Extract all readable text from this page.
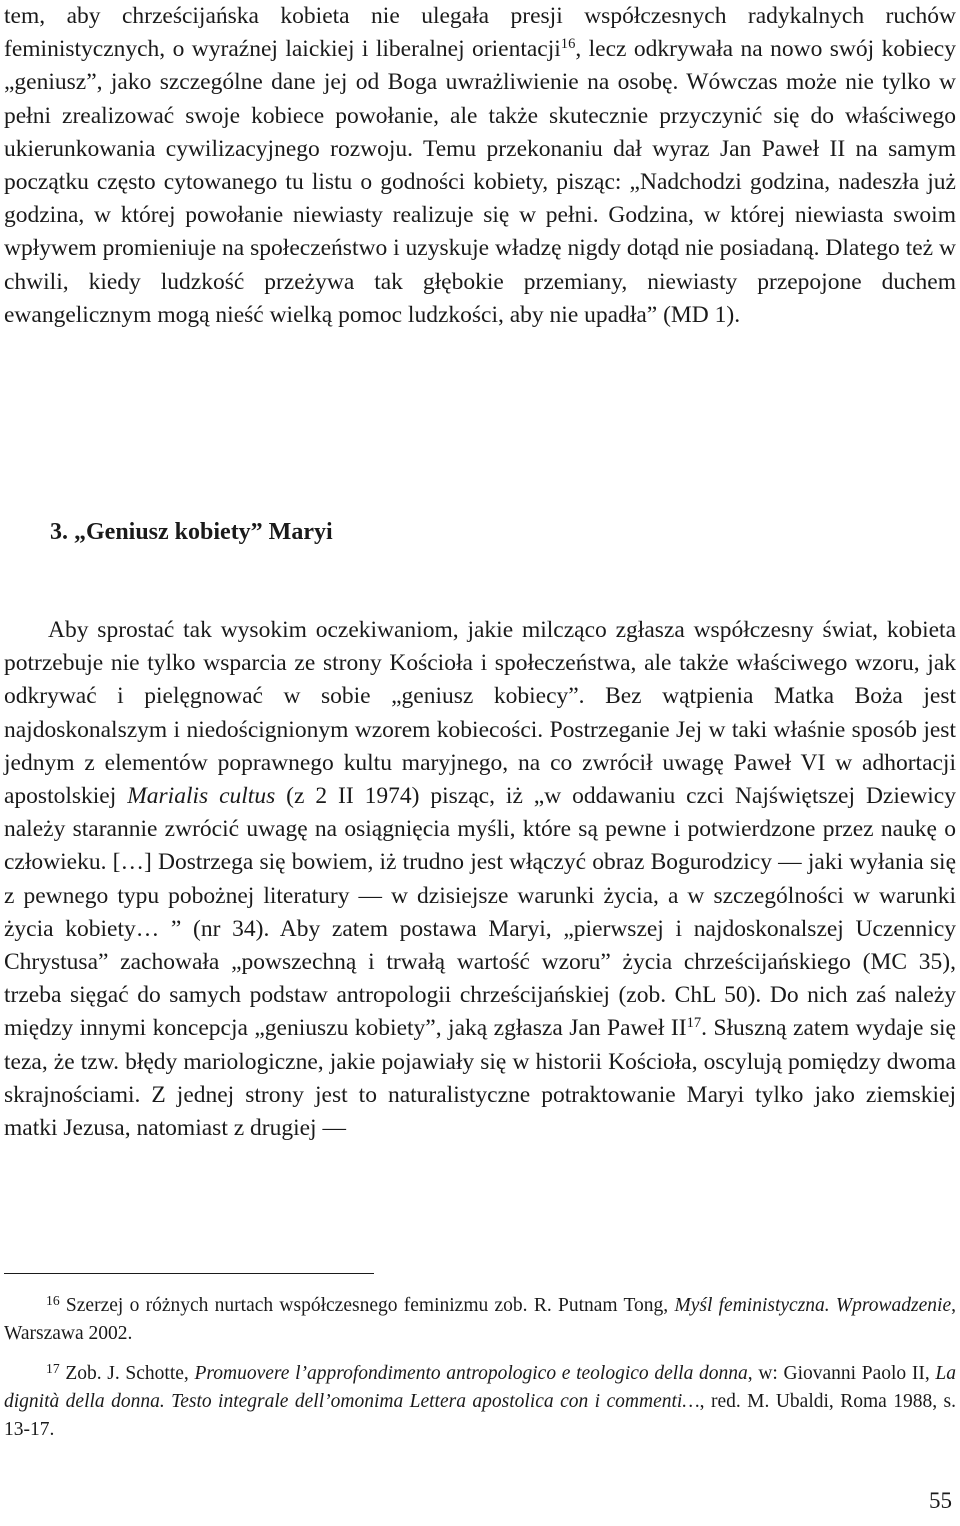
tem, aby chrześcijańska kobieta nie ulegała presji współczesnych radykalnych ruchów feministycznych, o wyraźnej laickiej i liberalnej orientacji$^{16}$, lecz odkrywała na nowo swój kobiecy „geniusz”, jako szczególne dane jej od Boga uwrażliwienie na osobę. Wówczas może nie tylko w pełni zrealizować swoje kobiece powołanie, ale także skutecznie przyczynić się do właściwego ukierunkowania cywilizacyjnego rozwoju. Temu przekonaniu dał wyraz Jan Paweł II na samym początku często cytowanego tu listu o godności kobiety, pisząc: „Nadchodzi godzina, nadeszła już godzina, w której powołanie niewiasty realizuje się w pełni. Godzina, w której niewiasta swoim wpływem promieniuje na społeczeństwo i uzyskuje władzę nigdy dotąd nie posiadaną. Dlatego też w chwili, kiedy ludzkość przeżywa tak głębokie przemiany, niewiasty przepojone duchem ewangelicznym mogą nieść wielką pomoc ludzkości, aby nie upadła” (MD 1).

3. „Geniusz kobiety” Maryi

Aby sprostać tak wysokim oczekiwaniom, jakie milcząco zgłasza współczesny świat, kobieta potrzebuje nie tylko wsparcia ze strony Kościoła i społeczeństwa, ale także właściwego wzoru, jak odkrywać i pielęgnować w sobie „geniusz kobiecy”. Bez wątpienia Matka Boża jest najdoskonalszym i niedoścignionym wzorem kobiecości. Postrzeganie Jej w taki właśnie sposób jest jednym z elementów poprawnego kultu maryjnego, na co zwrócił uwagę Paweł VI w adhortacji apostolskiej Marialis cultus (z 2 II 1974) pisząc, iż „w oddawaniu czci Najświętszej Dziewicy należy starannie zwrócić uwagę na osiągnięcia myśli, które są pewne i potwierdzone przez naukę o człowieku. […] Dostrzega się bowiem, iż trudno jest włączyć obraz Bogurodzicy — jaki wyłania się z pewnego typu pobożnej literatury — w dzisiejsze warunki życia, a w szczególności w warunki życia kobiety… ” (nr 34). Aby zatem postawa Maryi, „pierwszej i najdoskonalszej Uczennicy Chrystusa” zachowała „powszechną i trwałą wartość wzoru” życia chrześcijańskiego (MC 35), trzeba sięgać do samych podstaw antropologii chrześcijańskiej (zob. ChL 50). Do nich zaś należy między innymi koncepcja „geniuszu kobiety”, jaką zgłasza Jan Paweł II$^{17}$. Słuszną zatem wydaje się teza, że tzw. błędy mariologiczne, jakie pojawiały się w historii Kościoła, oscylują pomiędzy dwoma skrajnościami. Z jednej strony jest to naturalistyczne potraktowanie Maryi tylko jako ziemskiej matki Jezusa, natomiast z drugiej —

$^{16}$ Szerzej o różnych nurtach współczesnego feminizmu zob. R. Putnam Tong, Myśl feministyczna. Wprowadzenie, Warszawa 2002.

$^{17}$ Zob. J. Schotte, Promuovere l’approfondimento antropologico e teologico della donna, w: Giovanni Paolo II, La dignità della donna. Testo integrale dell’omonima Lettera apostolica con i commenti…, red. M. Ubaldi, Roma 1988, s. 13-17.

55
